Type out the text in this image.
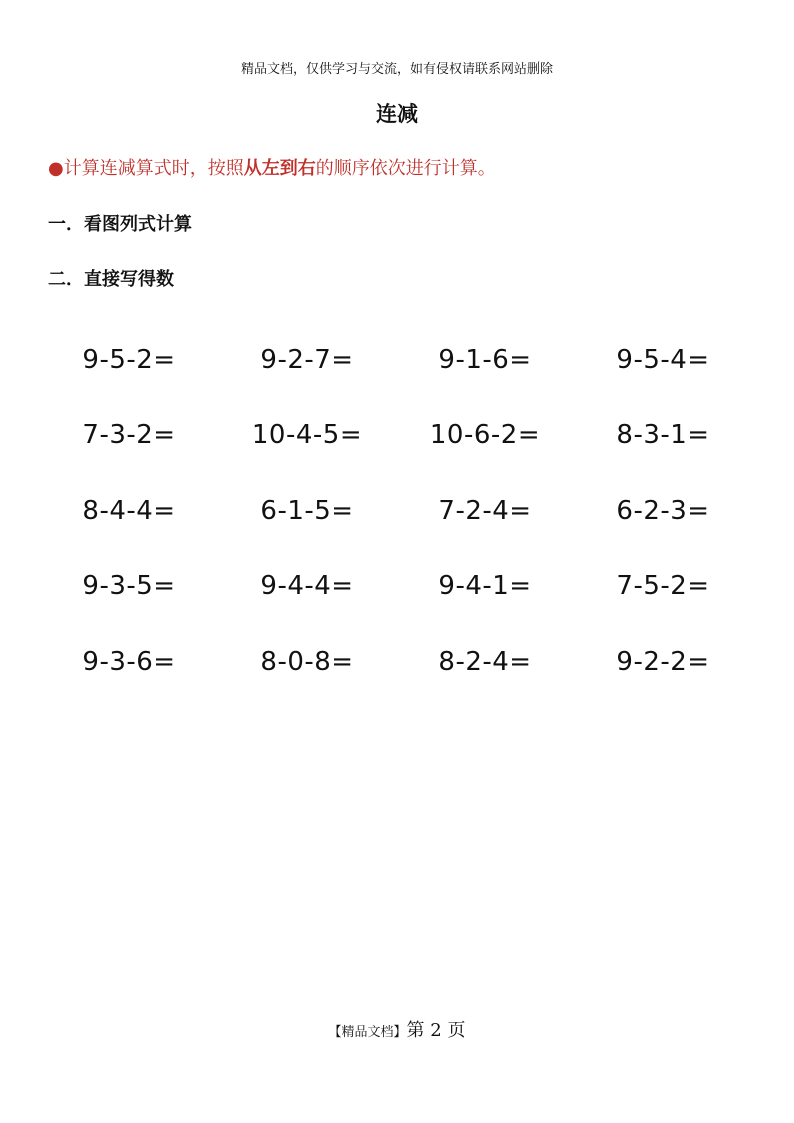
精品文档，仅供学习与交流，如有侵权请联系网站删除
连减
●计算连减算式时，按照从左到右的顺序依次进行计算。
一．看图列式计算
二．直接写得数
9-5-2=	9-2-7=	9-1-6=	9-5-4=
7-3-2=	10-4-5=	10-6-2=	8-3-1=
8-4-4=	6-1-5=	7-2-4=	6-2-3=
9-3-5=	9-4-4=	9-4-1=	7-5-2=
9-3-6=	8-0-8=	8-2-4=	9-2-2=
【精品文档】第 2 页
